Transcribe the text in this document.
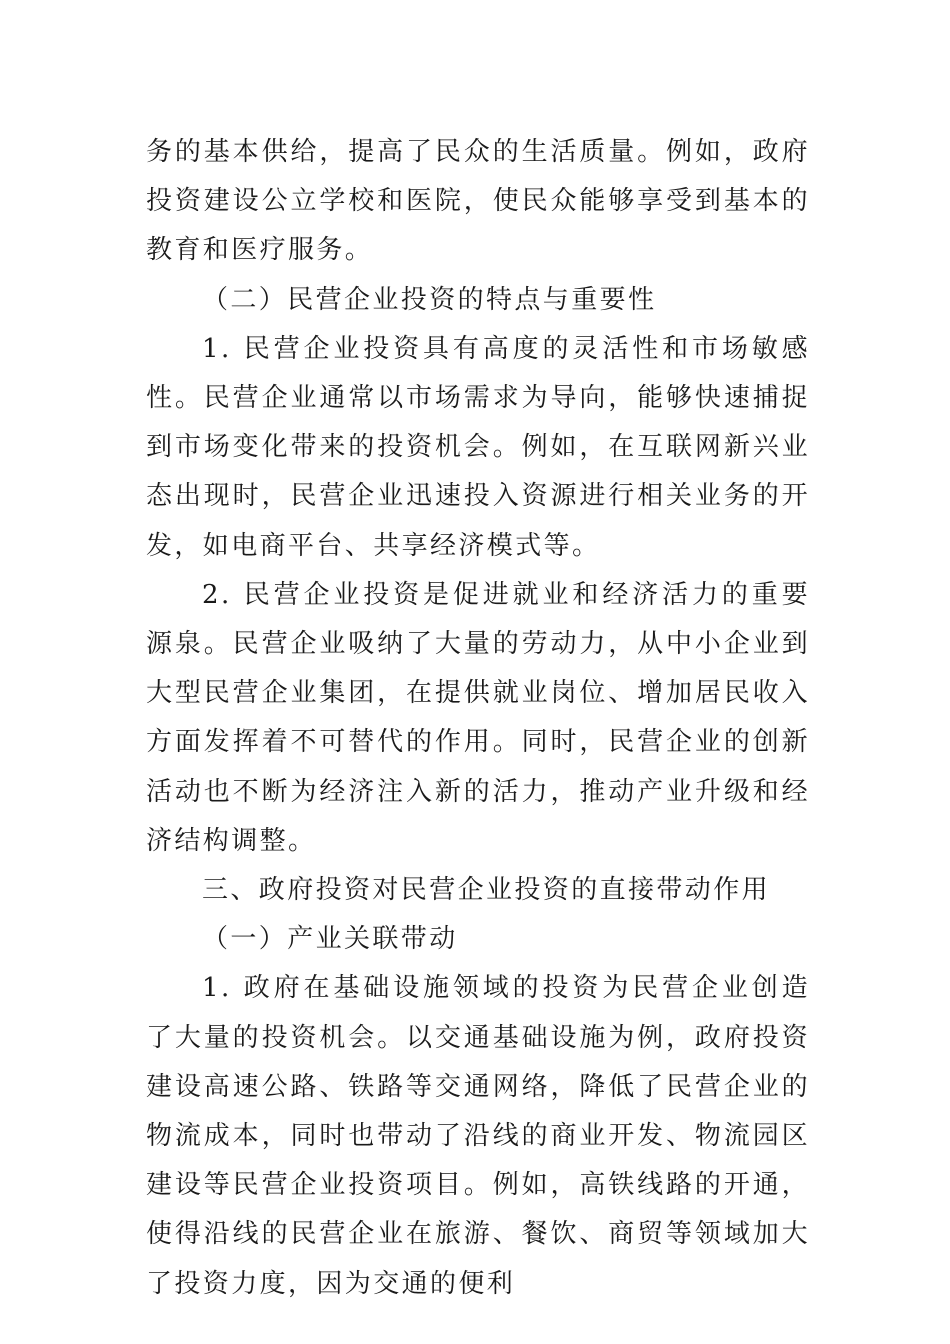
务的基本供给，提高了民众的生活质量。例如，政府投资建设公立学校和医院，使民众能够享受到基本的教育和医疗服务。

（二）民营企业投资的特点与重要性

1. 民营企业投资具有高度的灵活性和市场敏感性。民营企业通常以市场需求为导向，能够快速捕捉到市场变化带来的投资机会。例如，在互联网新兴业态出现时，民营企业迅速投入资源进行相关业务的开发，如电商平台、共享经济模式等。

2. 民营企业投资是促进就业和经济活力的重要源泉。民营企业吸纳了大量的劳动力，从中小企业到大型民营企业集团，在提供就业岗位、增加居民收入方面发挥着不可替代的作用。同时，民营企业的创新活动也不断为经济注入新的活力，推动产业升级和经济结构调整。

三、政府投资对民营企业投资的直接带动作用

（一）产业关联带动

1. 政府在基础设施领域的投资为民营企业创造了大量的投资机会。以交通基础设施为例，政府投资建设高速公路、铁路等交通网络，降低了民营企业的物流成本，同时也带动了沿线的商业开发、物流园区建设等民营企业投资项目。例如，高铁线路的开通，使得沿线的民营企业在旅游、餐饮、商贸等领域加大了投资力度，因为交通的便利
